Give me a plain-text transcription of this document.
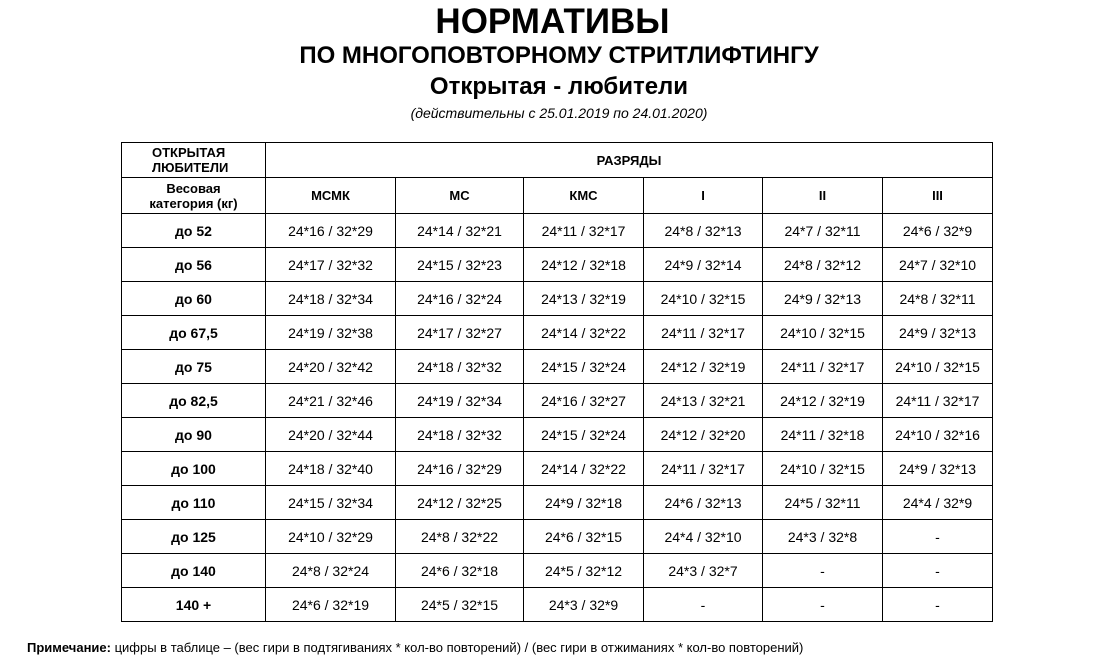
НОРМАТИВЫ
ПО МНОГОПОВТОРНОМУ СТРИТЛИФТИНГУ
Открытая - любители
(действительны с 25.01.2019 по 24.01.2020)
ОТКРЫТАЯ
ЛЮБИТЕЛИ	РАЗРЯДЫ					
Весовая
категория (кг)	МСМК	МС	КМС	I	II	III
до 52	24*16 / 32*29	24*14 / 32*21	24*11 / 32*17	24*8 / 32*13	24*7 / 32*11	24*6 / 32*9
до 56	24*17 / 32*32	24*15 / 32*23	24*12 / 32*18	24*9 / 32*14	24*8 / 32*12	24*7 / 32*10
до 60	24*18 / 32*34	24*16 / 32*24	24*13 / 32*19	24*10 / 32*15	24*9 / 32*13	24*8 / 32*11
до 67,5	24*19 / 32*38	24*17 / 32*27	24*14 / 32*22	24*11 / 32*17	24*10 / 32*15	24*9 / 32*13
до 75	24*20 / 32*42	24*18 / 32*32	24*15 / 32*24	24*12 / 32*19	24*11 / 32*17	24*10 / 32*15
до 82,5	24*21 / 32*46	24*19 / 32*34	24*16 / 32*27	24*13 / 32*21	24*12 / 32*19	24*11 / 32*17
до 90	24*20 / 32*44	24*18 / 32*32	24*15 / 32*24	24*12 / 32*20	24*11 / 32*18	24*10 / 32*16
до 100	24*18 / 32*40	24*16 / 32*29	24*14 / 32*22	24*11 / 32*17	24*10 / 32*15	24*9 / 32*13
до 110	24*15 / 32*34	24*12 / 32*25	24*9 / 32*18	24*6 / 32*13	24*5 / 32*11	24*4 / 32*9
до 125	24*10 / 32*29	24*8 / 32*22	24*6 / 32*15	24*4 / 32*10	24*3 / 32*8	-
до 140	24*8 / 32*24	24*6 / 32*18	24*5 / 32*12	24*3 / 32*7	-	-
140 +	24*6 / 32*19	24*5 / 32*15	24*3 / 32*9	-	-	-
Примечание: цифры в таблице – (вес гири в подтягиваниях * кол-во повторений) / (вес гири в отжиманиях * кол-во повторений)
